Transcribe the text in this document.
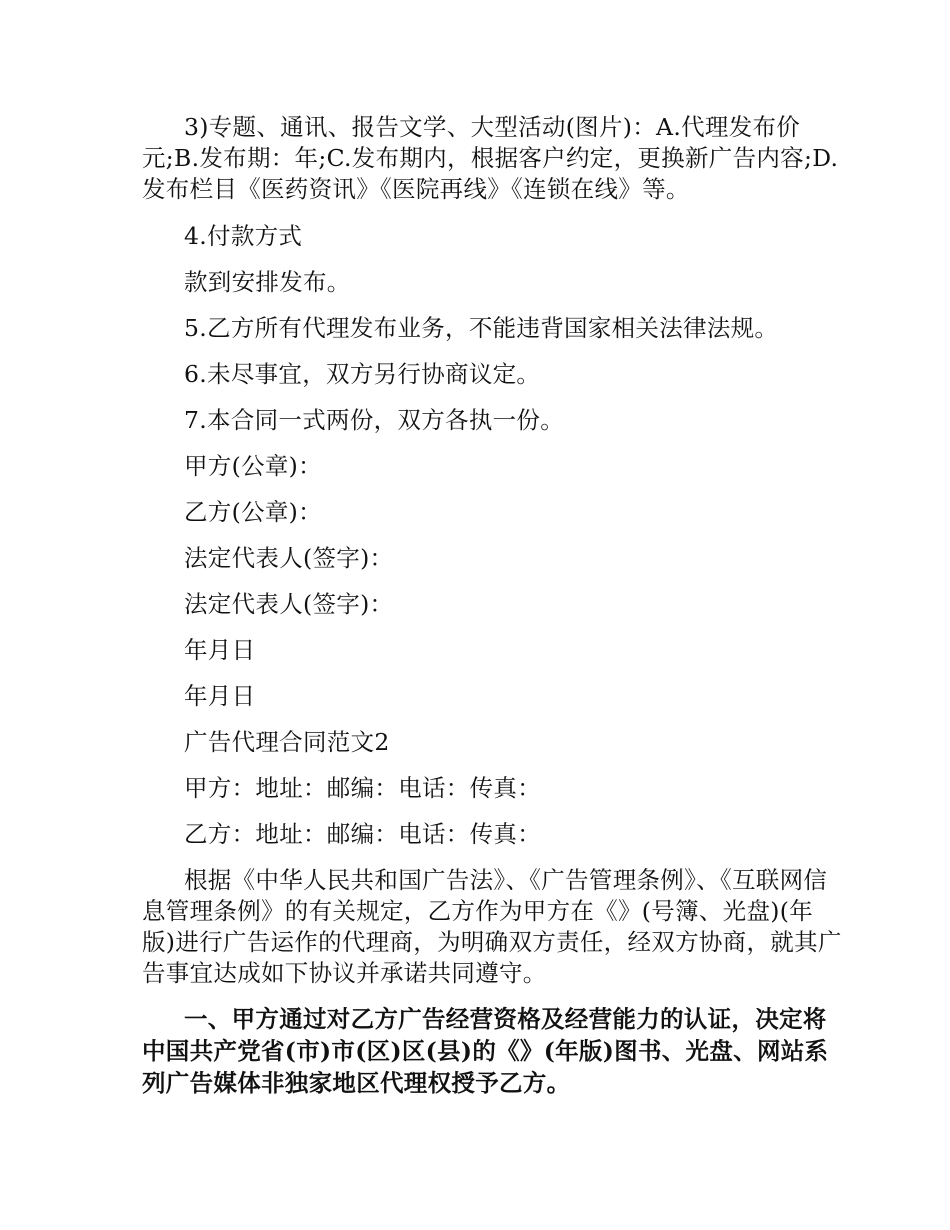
3)专题、通讯、报告文学、大型活动(图片)：A.代理发布价元;B.发布期：年;C.发布期内，根据客户约定，更换新广告内容;D.发布栏目《医药资讯》《医院再线》《连锁在线》等。

4.付款方式

款到安排发布。

5.乙方所有代理发布业务，不能违背国家相关法律法规。

6.未尽事宜，双方另行协商议定。

7.本合同一式两份，双方各执一份。

甲方(公章)：

乙方(公章)：

法定代表人(签字)：

法定代表人(签字)：

年月日

年月日

广告代理合同范文2

甲方：地址：邮编：电话：传真：

乙方：地址：邮编：电话：传真：

根据《中华人民共和国广告法》、《广告管理条例》、《互联网信息管理条例》的有关规定，乙方作为甲方在《》(号簿、光盘)(年版)进行广告运作的代理商，为明确双方责任，经双方协商，就其广告事宜达成如下协议并承诺共同遵守。

一、甲方通过对乙方广告经营资格及经营能力的认证，决定将中国共产党省(市)市(区)区(县)的《》(年版)图书、光盘、网站系列广告媒体非独家地区代理权授予乙方。
